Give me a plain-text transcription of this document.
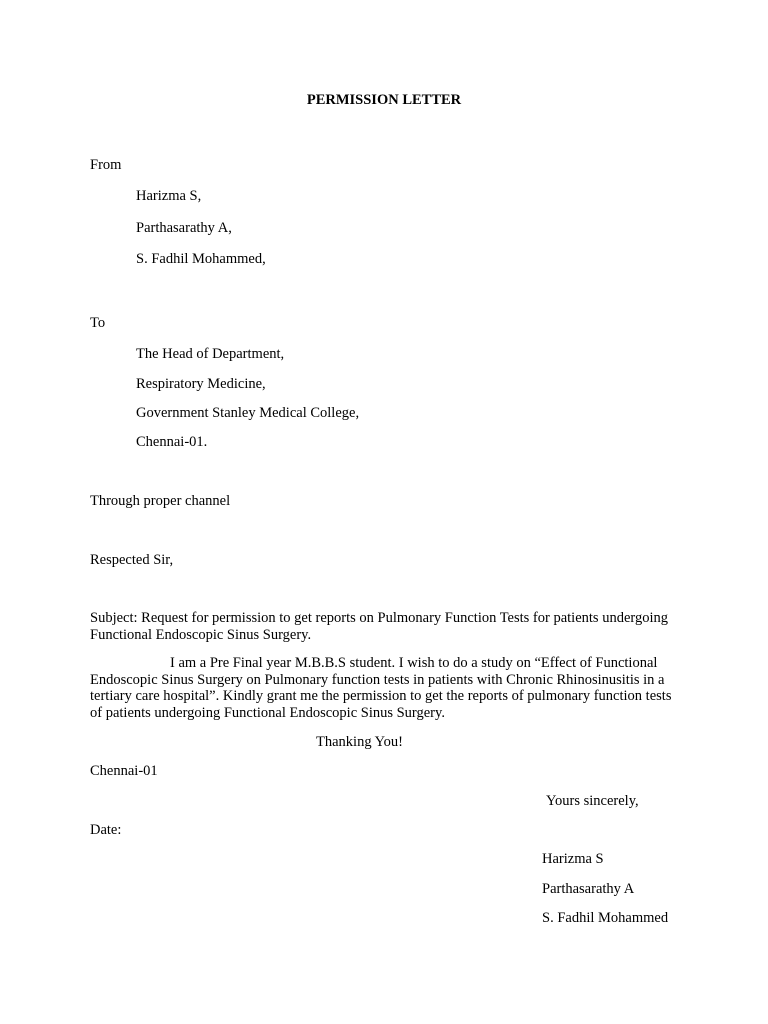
PERMISSION LETTER
From
Harizma S,
Parthasarathy A,
S. Fadhil Mohammed,
To
The Head of Department,
Respiratory Medicine,
Government Stanley Medical College,
Chennai-01.
Through proper channel
Respected Sir,
Subject: Request for permission to get reports on Pulmonary Function Tests for patients undergoing Functional Endoscopic Sinus Surgery.
I am a Pre Final year M.B.B.S student. I wish to do a study on “Effect of Functional Endoscopic Sinus Surgery on Pulmonary function tests in patients with Chronic Rhinosinusitis in a tertiary care hospital”. Kindly grant me the permission to get the reports of pulmonary function tests of patients undergoing Functional Endoscopic Sinus Surgery.
Thanking You!
Chennai-01
Yours sincerely,
Date:
Harizma S
Parthasarathy A
S. Fadhil Mohammed
